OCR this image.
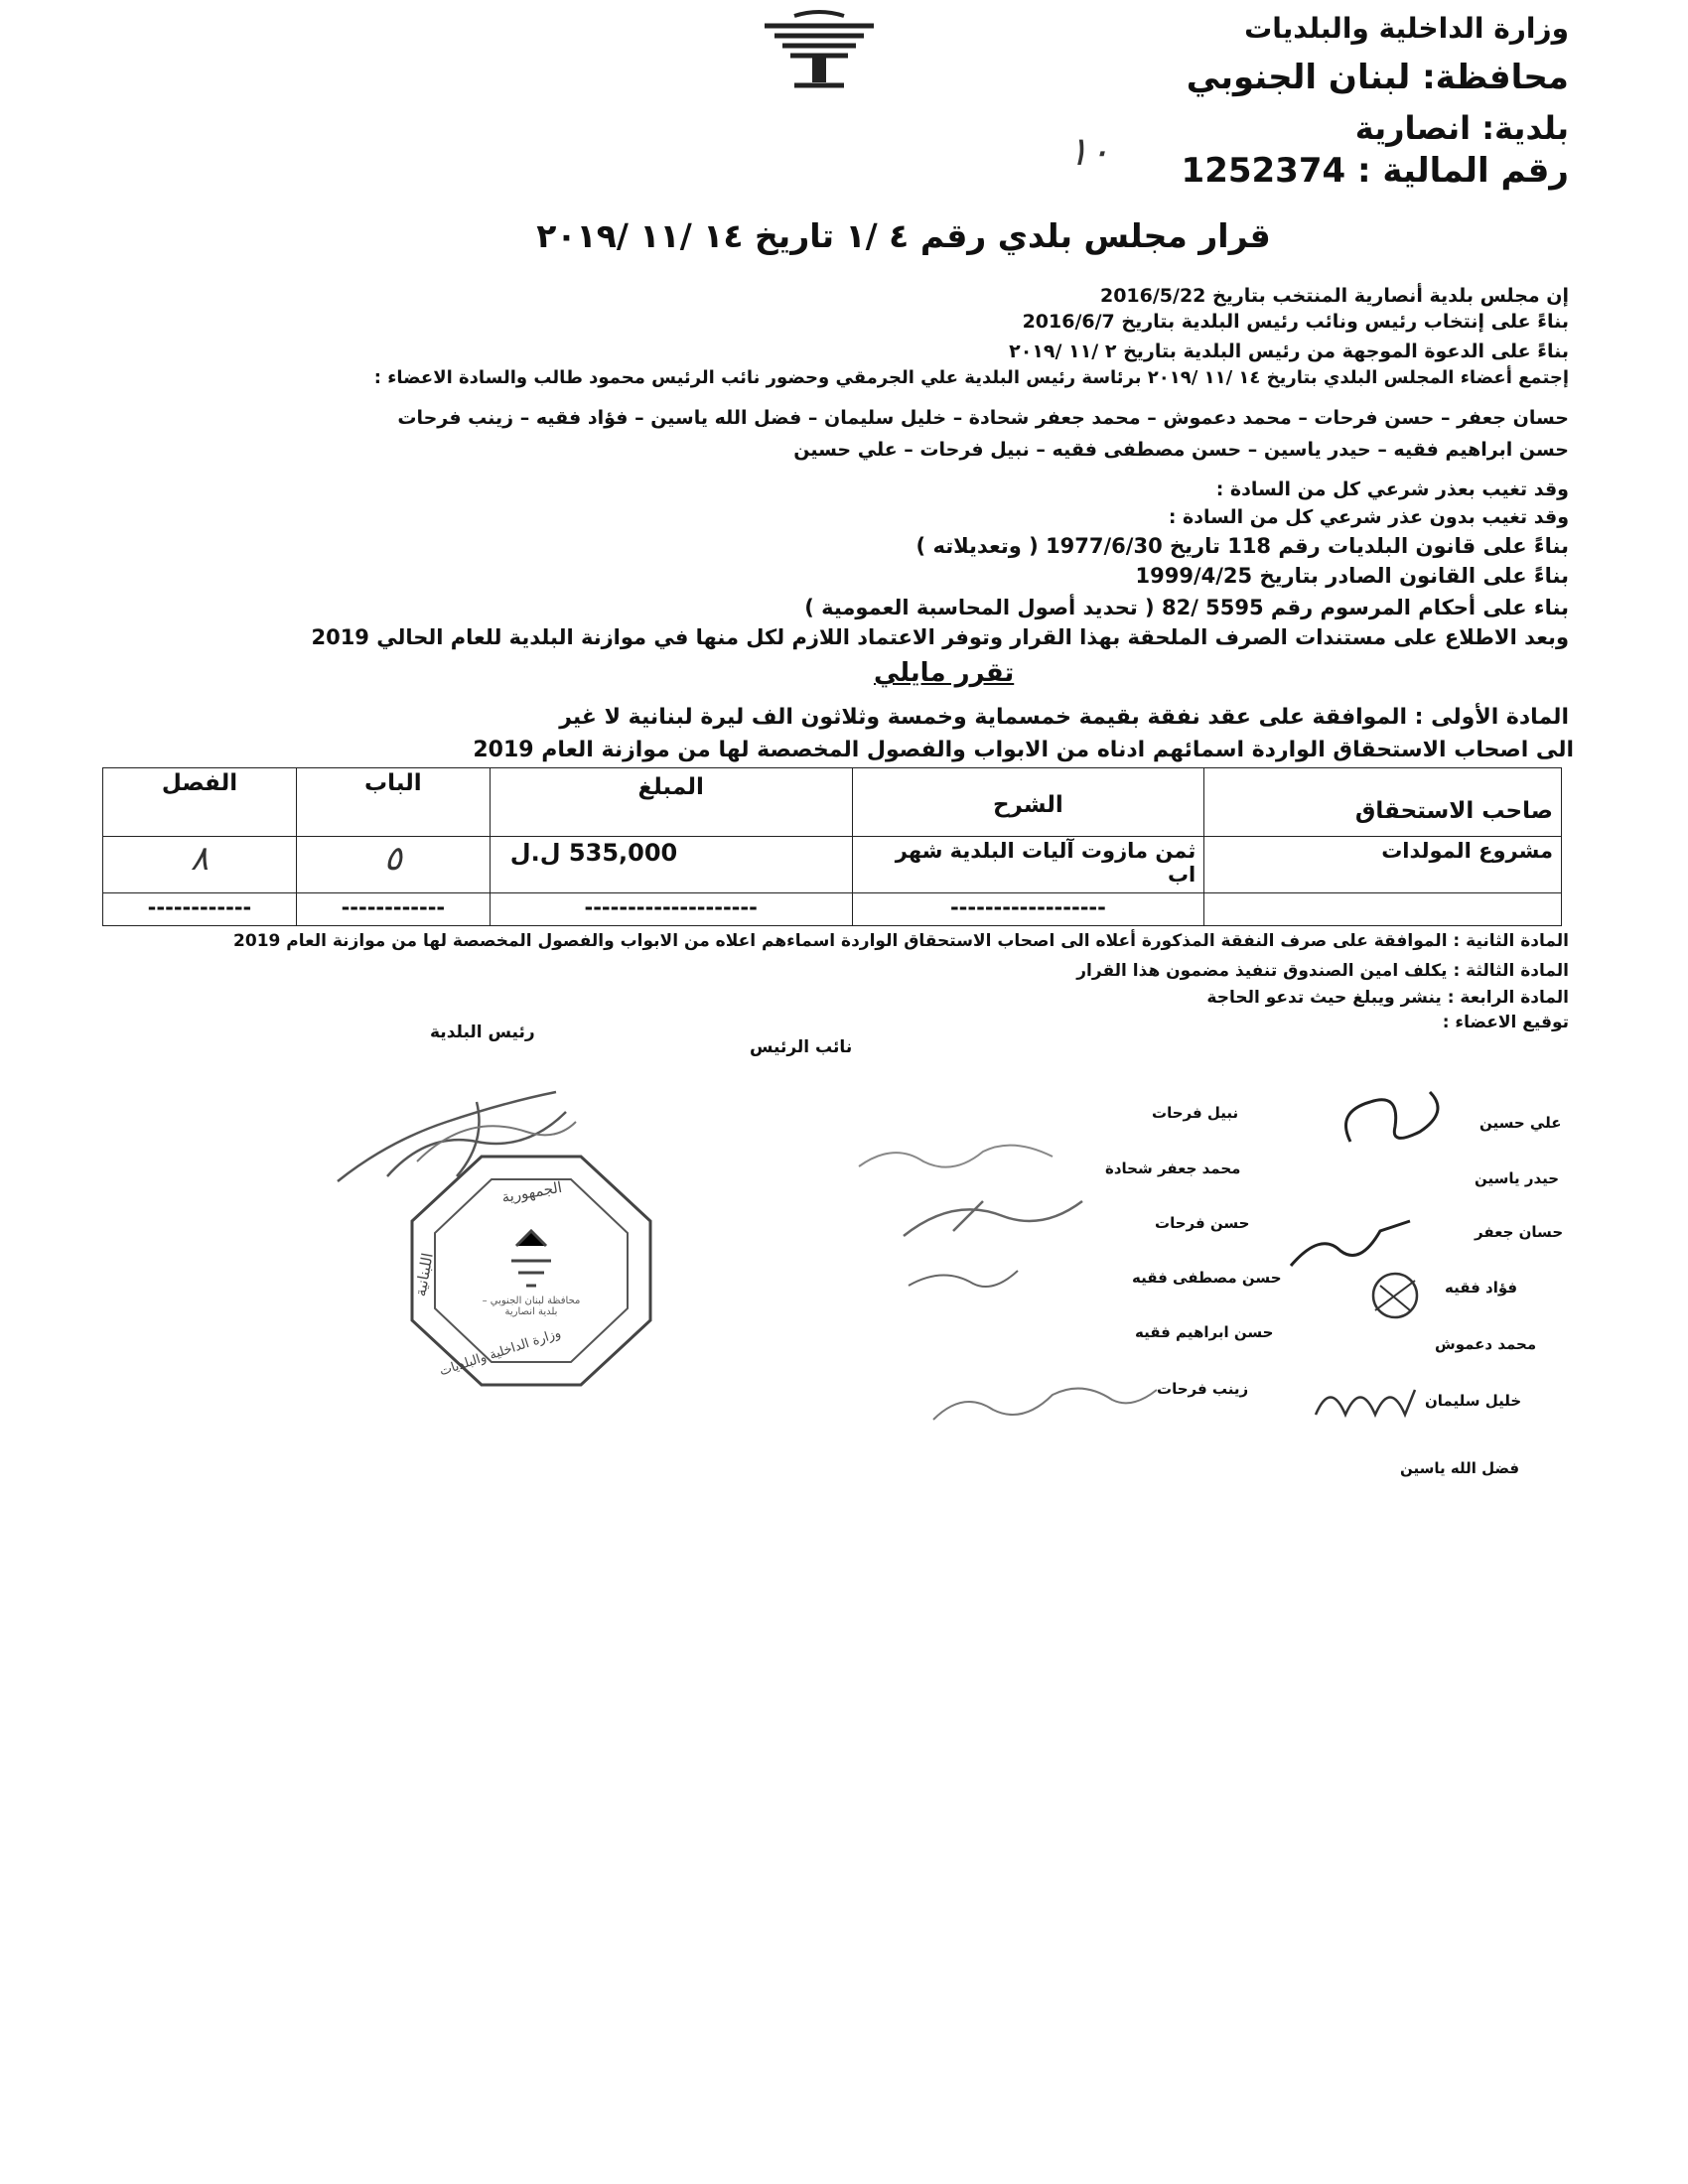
وزارة الداخلية والبلديات
محافظة: لبنان الجنوبي
بلدية: انصارية
رقم المالية : 1252374
١٠
قرار مجلس بلدي رقم ٤ /١ تاريخ ١٤ /١١ /٢٠١٩
إن مجلس بلدية أنصارية المنتخب بتاريخ 2016/5/22
بناءً على إنتخاب رئيس ونائب رئيس البلدية بتاريخ 2016/6/7
بناءً على الدعوة الموجهة من رئيس البلدية بتاريخ ٢ /١١ /٢٠١٩
إجتمع أعضاء المجلس البلدي بتاريخ ١٤ /١١ /٢٠١٩ برئاسة رئيس البلدية علي الجرمقي وحضور نائب الرئيس محمود طالب والسادة الاعضاء :
حسان جعفر – حسن فرحات – محمد دعموش – محمد جعفر شحادة – خليل سليمان – فضل الله ياسين – فؤاد فقيه – زينب فرحات
حسن ابراهيم فقيه – حيدر ياسين – حسن مصطفى فقيه – نبيل فرحات – علي حسين
وقد تغيب بعذر شرعي كل من السادة :
وقد تغيب بدون عذر شرعي كل من السادة :
بناءً على قانون البلديات رقم 118 تاريخ 1977/6/30 ( وتعديلاته )
بناءً على القانون الصادر بتاريخ 1999/4/25
بناء على أحكام المرسوم رقم 5595 /82 ( تحديد أصول المحاسبة العمومية )
وبعد الاطلاع على مستندات الصرف الملحقة بهذا القرار وتوفر الاعتماد اللازم لكل منها في موازنة البلدية للعام الحالي 2019
تقرر مايلي
المادة الأولى : الموافقة على عقد نفقة بقيمة خمسماية وخمسة وثلاثون الف ليرة لبنانية لا غير
الى اصحاب الاستحقاق الواردة اسمائهم ادناه من الابواب والفصول المخصصة لها من موازنة العام 2019
صاحب الاستحقاق	الشرح	المبلغ	الباب	الفصل
مشروع المولدات	ثمن مازوت آليات البلدية شهر اب	535,000 ل.ل	٥	٨
	------------------	--------------------	------------	------------
المادة الثانية : الموافقة على صرف النفقة المذكورة أعلاه الى اصحاب الاستحقاق الواردة اسماءهم اعلاه من الابواب والفصول المخصصة لها من موازنة العام 2019
المادة الثالثة : يكلف امين الصندوق تنفيذ مضمون هذا القرار
المادة الرابعة : ينشر ويبلغ حيث تدعو الحاجة
توقيع الاعضاء :
رئيس البلدية
نائب الرئيس
نبيل فرحات
محمد جعفر شحادة
حسن فرحات
حسن مصطفى فقيه
حسن ابراهيم فقيه
زينب فرحات
علي حسين
حيدر ياسين
حسان جعفر
فؤاد فقيه
محمد دعموش
خليل سليمان
فضل الله ياسين
الجمهورية
اللبنانية
وزارة الداخلية والبلديات
محافظة لبنان الجنوبي – بلدية انصارية
